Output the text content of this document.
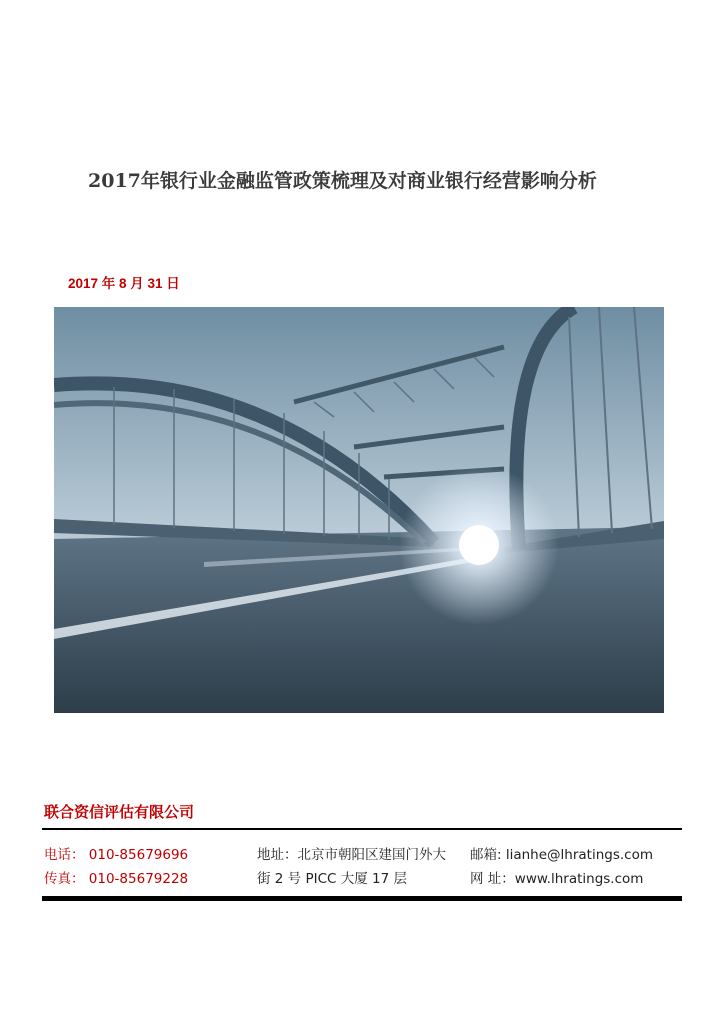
2017年银行业金融监管政策梳理及对商业银行经营影响分析
2017 年 8 月 31 日
联合资信评估有限公司
电话： 010-85679696
传真： 010-85679228
地址：北京市朝阳区建国门外大
街 2 号 PICC 大厦 17 层
邮箱: lianhe@lhratings.com
网 址：www.lhratings.com
